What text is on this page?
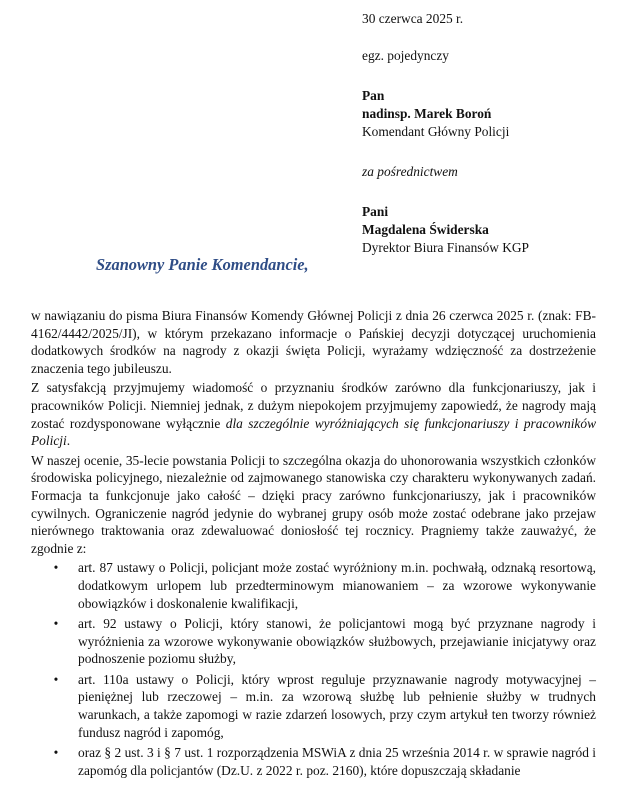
30 czerwca 2025 r.

egz. pojedynczy

Pan

nadinsp. Marek Boroń

Komendant Główny Policji

za pośrednictwem

Pani

Magdalena Świderska

Dyrektor Biura Finansów KGP

Szanowny Panie Komendancie,

w nawiązaniu do pisma Biura Finansów Komendy Głównej Policji z dnia 26 czerwca 2025 r. (znak: FB-4162/4442/2025/JI), w którym przekazano informacje o Pańskiej decyzji dotyczącej uruchomienia dodatkowych środków na nagrody z okazji święta Policji, wyrażamy wdzięczność za dostrzeżenie znaczenia tego jubileuszu.

Z satysfakcją przyjmujemy wiadomość o przyznaniu środków zarówno dla funkcjonariuszy, jak i pracowników Policji. Niemniej jednak, z dużym niepokojem przyjmujemy zapowiedź, że nagrody mają zostać rozdysponowane wyłącznie dla szczególnie wyróżniających się funkcjonariuszy i pracowników Policji.

W naszej ocenie, 35-lecie powstania Policji to szczególna okazja do uhonorowania wszystkich członków środowiska policyjnego, niezależnie od zajmowanego stanowiska czy charakteru wykonywanych zadań. Formacja ta funkcjonuje jako całość – dzięki pracy zarówno funkcjonariuszy, jak i pracowników cywilnych. Ograniczenie nagród jedynie do wybranej grupy osób może zostać odebrane jako przejaw nierównego traktowania oraz zdewaluować doniosłość tej rocznicy. Pragniemy także zauważyć, że zgodnie z:

• art. 87 ustawy o Policji, policjant może zostać wyróżniony m.in. pochwałą, odznaką resortową, dodatkowym urlopem lub przedterminowym mianowaniem – za wzorowe wykonywanie obowiązków i doskonalenie kwalifikacji,
• art. 92 ustawy o Policji, który stanowi, że policjantowi mogą być przyznane nagrody i wyróżnienia za wzorowe wykonywanie obowiązków służbowych, przejawianie inicjatywy oraz podnoszenie poziomu służby,
• art. 110a ustawy o Policji, który wprost reguluje przyznawanie nagrody motywacyjnej – pieniężnej lub rzeczowej – m.in. za wzorową służbę lub pełnienie służby w trudnych warunkach, a także zapomogi w razie zdarzeń losowych, przy czym artykuł ten tworzy również fundusz nagród i zapomóg,
• oraz § 2 ust. 3 i § 7 ust. 1 rozporządzenia MSWiA z dnia 25 września 2014 r. w sprawie nagród i zapomóg dla policjantów (Dz.U. z 2022 r. poz. 2160), które dopuszczają składanie
